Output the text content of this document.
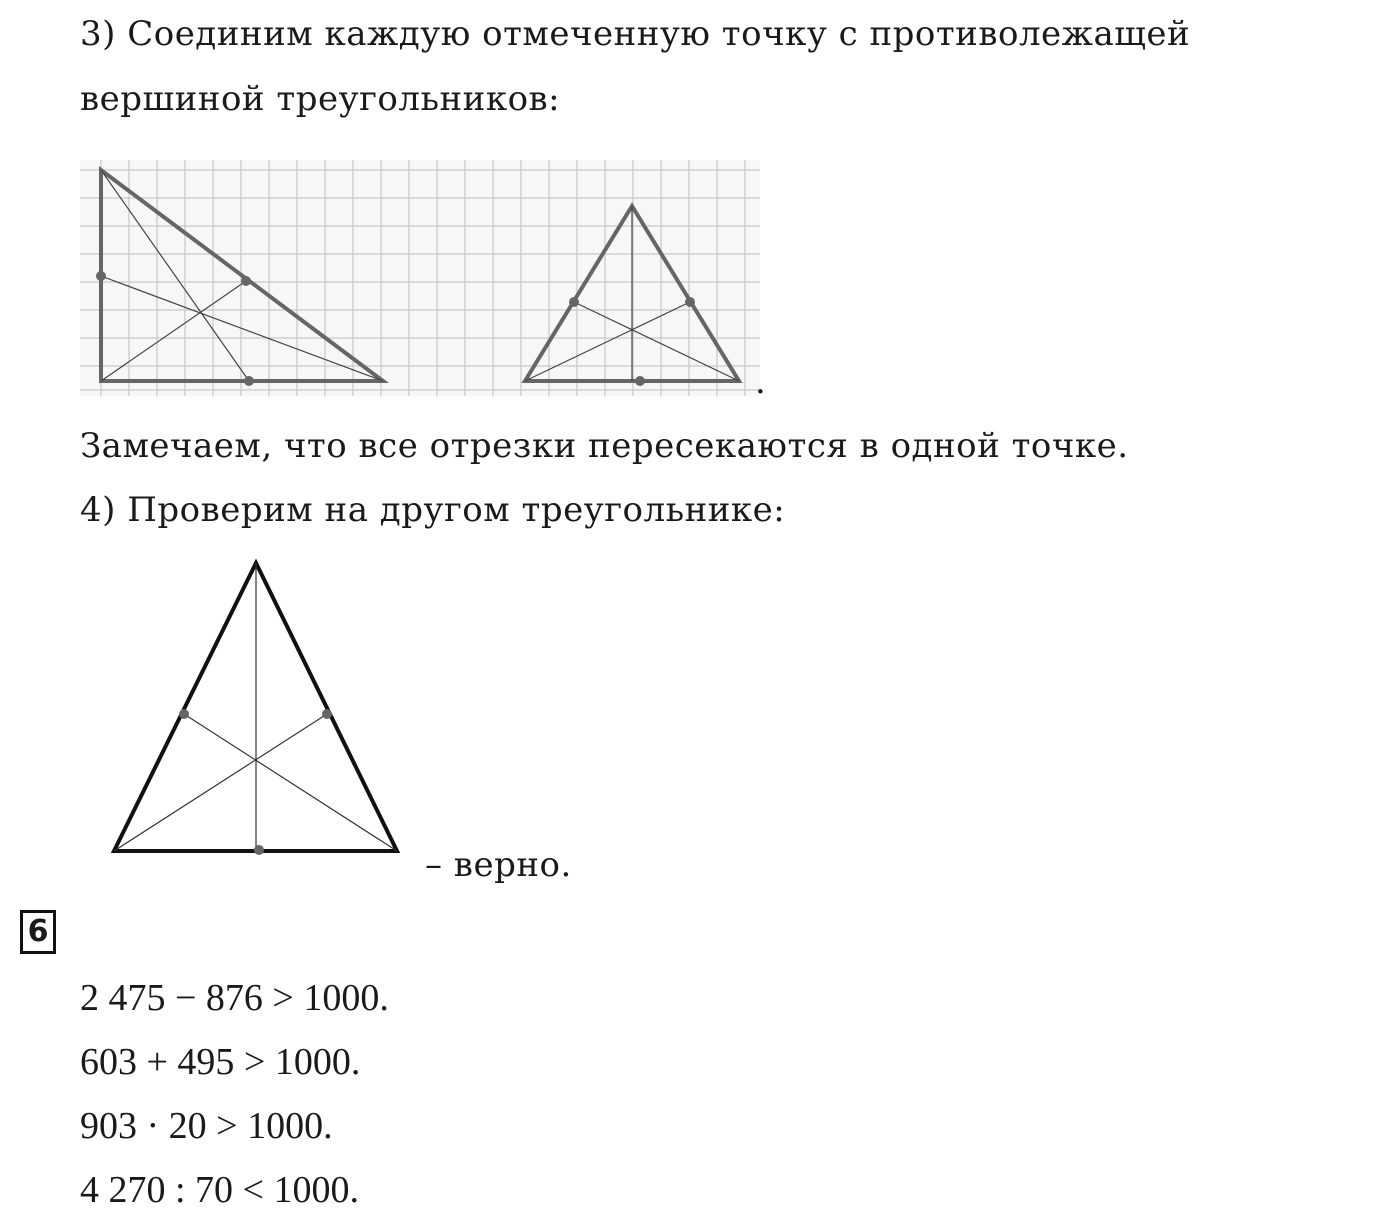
3) Соединим каждую отмеченную точку с противолежащей
вершиной треугольников:
.
Замечаем, что все отрезки пересекаются в одной точке.
4) Проверим на другом треугольнике:
– верно.
6
2 475 − 876 > 1000.
603 + 495 > 1000.
903 · 20 > 1000.
4 270 : 70 < 1000.
